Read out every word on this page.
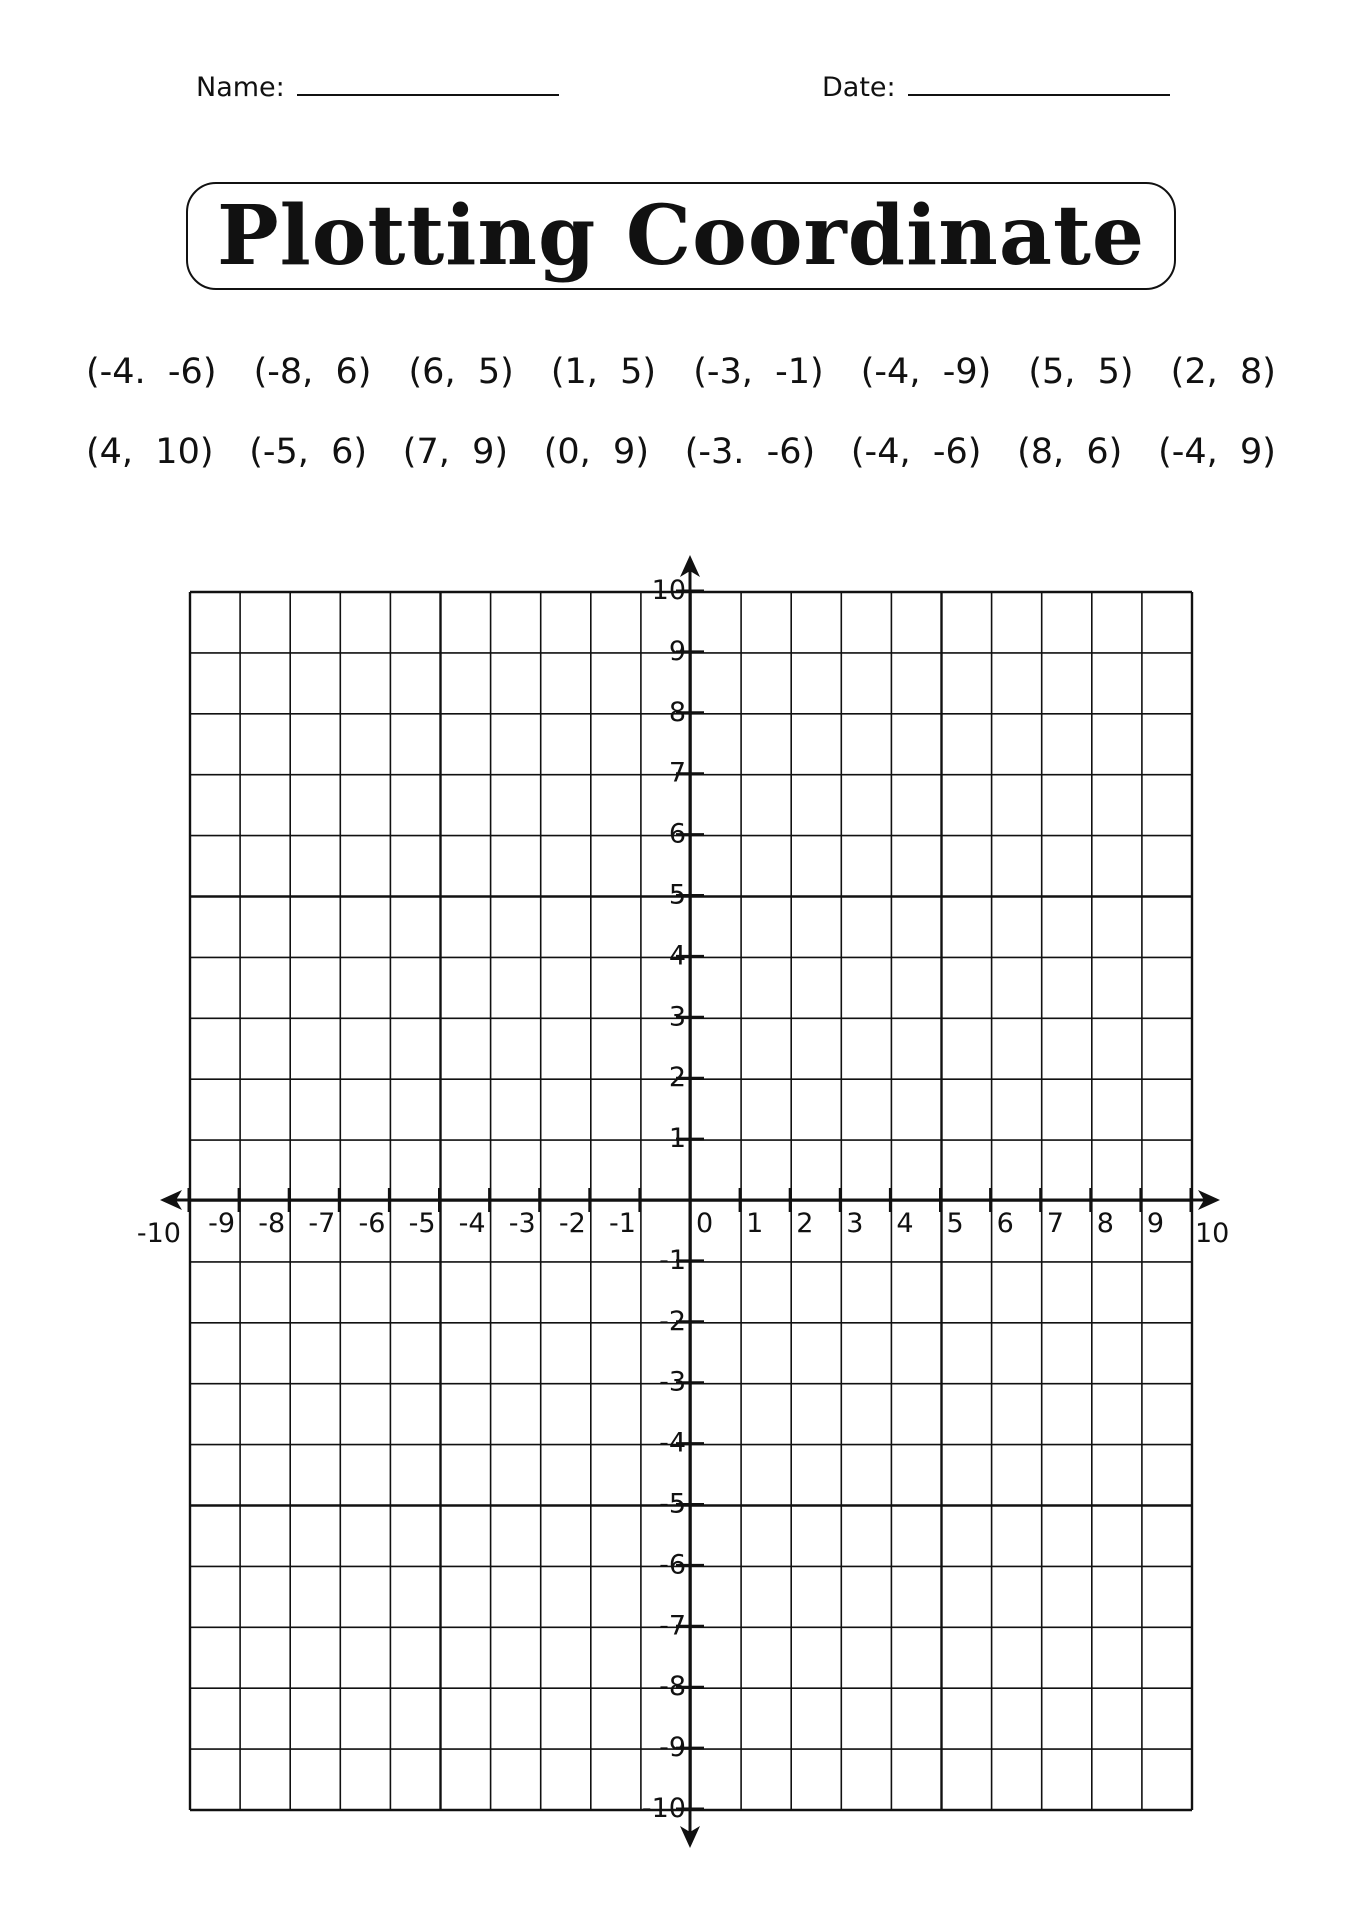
Name:	Date:
Plotting Coordinate
(-4.  -6) (-8,  6) (6,  5) (1,  5) (-3,  -1) (-4,  -9) (5,  5) (2,  8)
(4,  10) (-5,  6) (7,  9) (0,  9) (-3.  -6) (-4,  -6) (8,  6) (-4,  9)
-10 -9 -8 -7 -6 -5 -4 -3 -2 -1 0 1 2 3 4 5 6 7 8 9 10
10
9
8
7
6
5
4
3
2
1
-1
-2
-3
-4
-5
-6
-7
-8
-9
-10
